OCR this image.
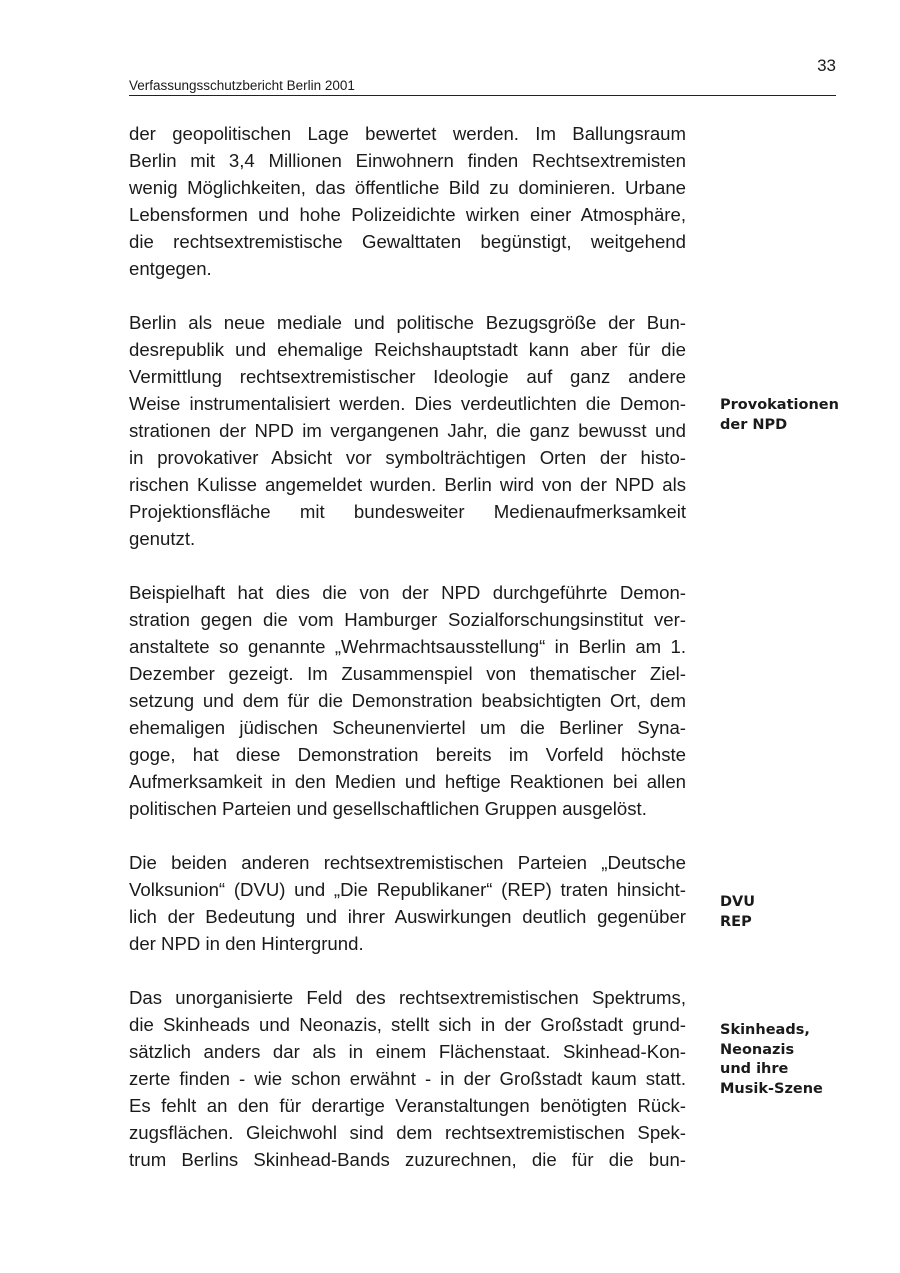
33
Verfassungsschutzbericht Berlin 2001

der geopolitischen Lage bewertet werden. Im Ballungsraum
Berlin mit 3,4 Millionen Einwohnern finden Rechtsextremisten
wenig Möglichkeiten, das öffentliche Bild zu dominieren. Urbane
Lebensformen und hohe Polizeidichte wirken einer Atmosphäre,
die rechtsextremistische Gewalttaten begünstigt, weitgehend
entgegen.

Berlin als neue mediale und politische Bezugsgröße der Bun-
desrepublik und ehemalige Reichshauptstadt kann aber für die
Vermittlung rechtsextremistischer Ideologie auf ganz andere
Weise instrumentalisiert werden. Dies verdeutlichten die Demon-
strationen der NPD im vergangenen Jahr, die ganz bewusst und
in provokativer Absicht vor symbolträchtigen Orten der histo-
rischen Kulisse angemeldet wurden. Berlin wird von der NPD als
Projektionsfläche mit bundesweiter Medienaufmerksamkeit
genutzt.

Beispielhaft hat dies die von der NPD durchgeführte Demon-
stration gegen die vom Hamburger Sozialforschungsinstitut ver-
anstaltete so genannte „Wehrmachtsausstellung“ in Berlin am 1.
Dezember gezeigt. Im Zusammenspiel von thematischer Ziel-
setzung und dem für die Demonstration beabsichtigten Ort, dem
ehemaligen jüdischen Scheunenviertel um die Berliner Syna-
goge, hat diese Demonstration bereits im Vorfeld höchste
Aufmerksamkeit in den Medien und heftige Reaktionen bei allen
politischen Parteien und gesellschaftlichen Gruppen ausgelöst.

Die beiden anderen rechtsextremistischen Parteien „Deutsche
Volksunion“ (DVU) und „Die Republikaner“ (REP) traten hinsicht-
lich der Bedeutung und ihrer Auswirkungen deutlich gegenüber
der NPD in den Hintergrund.

Das unorganisierte Feld des rechtsextremistischen Spektrums,
die Skinheads und Neonazis, stellt sich in der Großstadt grund-
sätzlich anders dar als in einem Flächenstaat. Skinhead-Kon-
zerte finden - wie schon erwähnt - in der Großstadt kaum statt.
Es fehlt an den für derartige Veranstaltungen benötigten Rück-
zugsflächen. Gleichwohl sind dem rechtsextremistischen Spek-
trum Berlins Skinhead-Bands zuzurechnen, die für die bun-

Provokationen
der NPD
DVU
REP
Skinheads,
Neonazis
und ihre
Musik-Szene
